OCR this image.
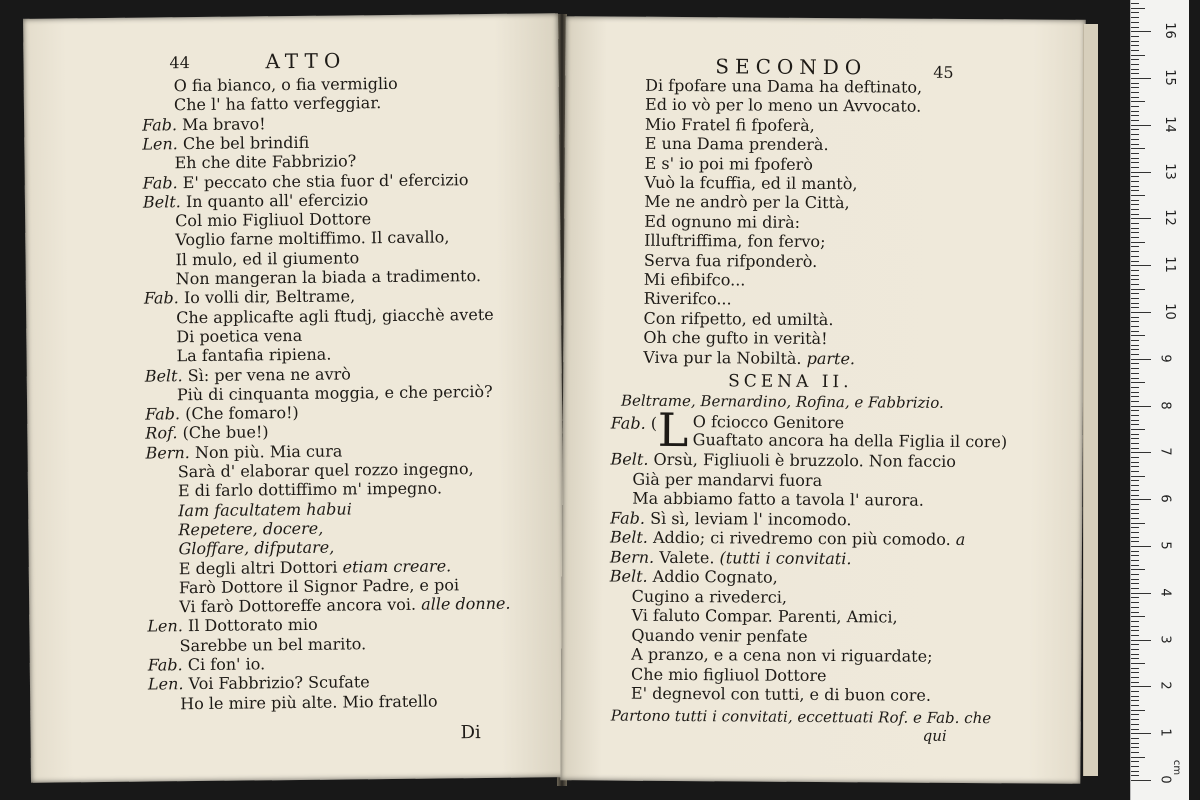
44	ATTO
O fia bianco, o fia vermiglio
Che l' ha fatto verfeggiar.
Fab. Ma bravo!
Len. Che bel brindifi
Eh che dite Fabbrizio?
Fab. E' peccato che stia fuor d' efercizio
Belt. In quanto all' efercizio
Col mio Figliuol Dottore
Voglio farne moltiffimo. Il cavallo,
Il mulo, ed il giumento
Non mangeran la biada a tradimento.
Fab. Io volli dir, Beltrame,
Che applicafte agli ftudj, giacchè avete
Di poetica vena
La fantafia ripiena.
Belt. Sì: per vena ne avrò
Più di cinquanta moggia, e che perciò?
Fab. (Che fomaro!)
Rof. (Che bue!)
Bern. Non più. Mia cura
Sarà d' elaborar quel rozzo ingegno,
E di farlo dottiffimo m' impegno.
Iam facultatem habui
Repetere, docere,
Gloffare, difputare,
E degli altri Dottori etiam creare.
Farò Dottore il Signor Padre, e poi
Vi farò Dottoreffe ancora voi. alle donne.
Len. Il Dottorato mio
Sarebbe un bel marito.
Fab. Ci fon' io.
Len. Voi Fabbrizio? Scufate
Ho le mire più alte. Mio fratello
Di
SECONDO	45
Di fpofare una Dama ha deftinato,
Ed io vò per lo meno un Avvocato.
Mio Fratel fi fpoferà,
E una Dama prenderà.
E s' io poi mi fpoferò
Vuò la fcuffia, ed il mantò,
Me ne andrò per la Città,
Ed ognuno mi dirà:
Illuftriffima, fon fervo;
Serva fua rifponderò.
Mi efibifco...
Riverifco...
Con rifpetto, ed umiltà.
Oh che gufto in verità!
Viva pur la Nobiltà. parte.
SCENA II.
Beltrame, Bernardino, Rofina, e Fabbrizio.
Fab. ( L O fciocco Genitore
Guaftato ancora ha della Figlia il core)
Belt. Orsù, Figliuoli è bruzzolo. Non faccio
Già per mandarvi fuora
Ma abbiamo fatto a tavola l' aurora.
Fab. Sì sì, leviam l' incomodo.
Belt. Addio; ci rivedremo con più comodo. a
Bern. Valete. (tutti i convitati.
Belt. Addio Cognato,
Cugino a rivederci,
Vi faluto Compar. Parenti, Amici,
Quando venir penfate
A pranzo, e a cena non vi riguardate;
Che mio figliuol Dottore
E' degnevol con tutti, e di buon core.
Partono tutti i convitati, eccettuati Rof. e Fab. che
qui
0
1
2
3
4
5
6
7
8
9
10
11
12
13
14
15
16
cm
